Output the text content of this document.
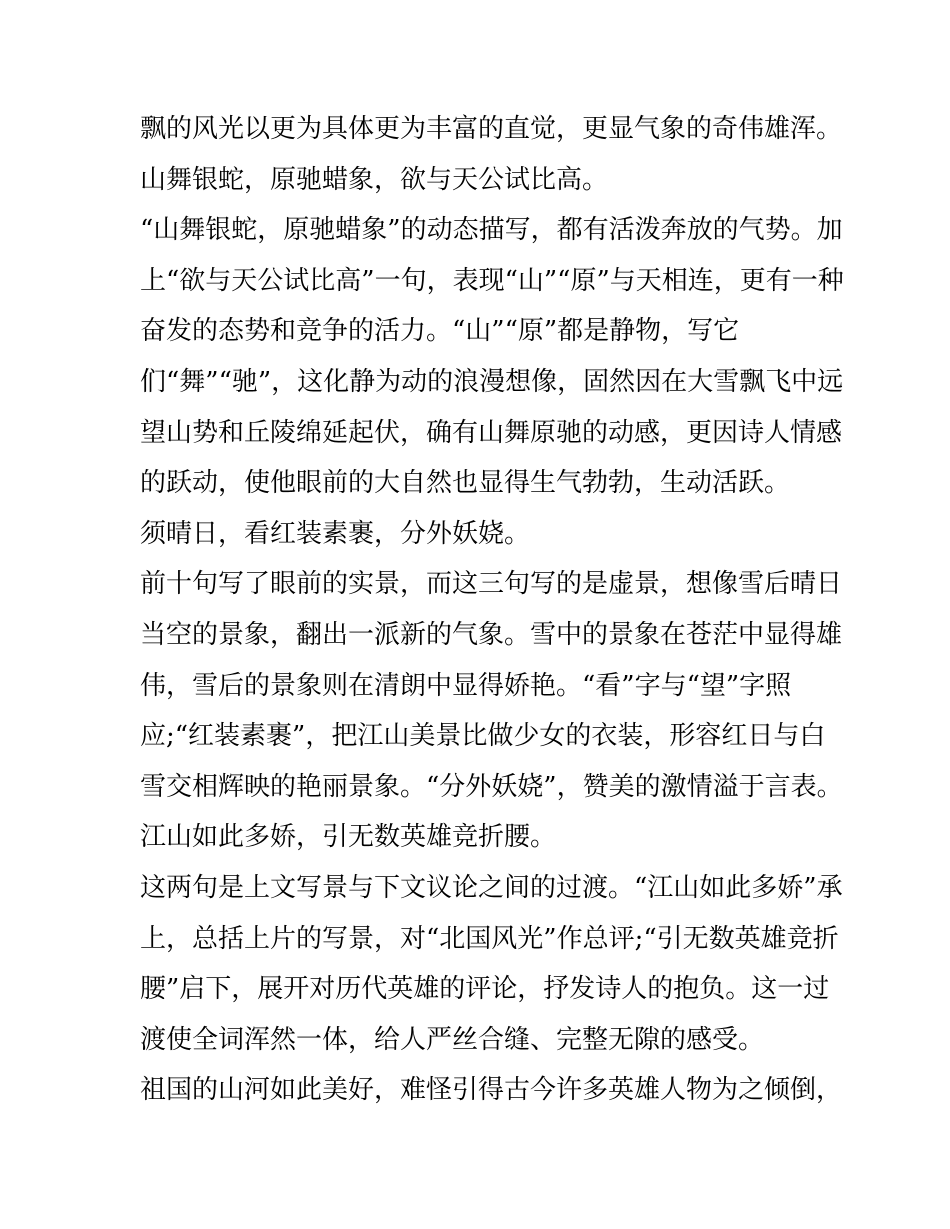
飘的风光以更为具体更为丰富的直觉，更显气象的奇伟雄浑。
山舞银蛇，原驰蜡象，欲与天公试比高。
“山舞银蛇，原驰蜡象”的动态描写，都有活泼奔放的气势。加
上“欲与天公试比高”一句，表现“山”“原”与天相连，更有一种
奋发的态势和竞争的活力。“山”“原”都是静物，写它
们“舞”“驰”，这化静为动的浪漫想像，固然因在大雪飘飞中远
望山势和丘陵绵延起伏，确有山舞原驰的动感，更因诗人情感
的跃动，使他眼前的大自然也显得生气勃勃，生动活跃。
须晴日，看红装素裹，分外妖娆。
前十句写了眼前的实景，而这三句写的是虚景，想像雪后晴日
当空的景象，翻出一派新的气象。雪中的景象在苍茫中显得雄
伟，雪后的景象则在清朗中显得娇艳。“看”字与“望”字照
应;“红装素裹”，把江山美景比做少女的衣装，形容红日与白
雪交相辉映的艳丽景象。“分外妖娆”，赞美的激情溢于言表。
江山如此多娇，引无数英雄竞折腰。
这两句是上文写景与下文议论之间的过渡。“江山如此多娇”承
上，总括上片的写景，对“北国风光”作总评;“引无数英雄竞折
腰”启下，展开对历代英雄的评论，抒发诗人的抱负。这一过
渡使全词浑然一体，给人严丝合缝、完整无隙的感受。
祖国的山河如此美好，难怪引得古今许多英雄人物为之倾倒，
